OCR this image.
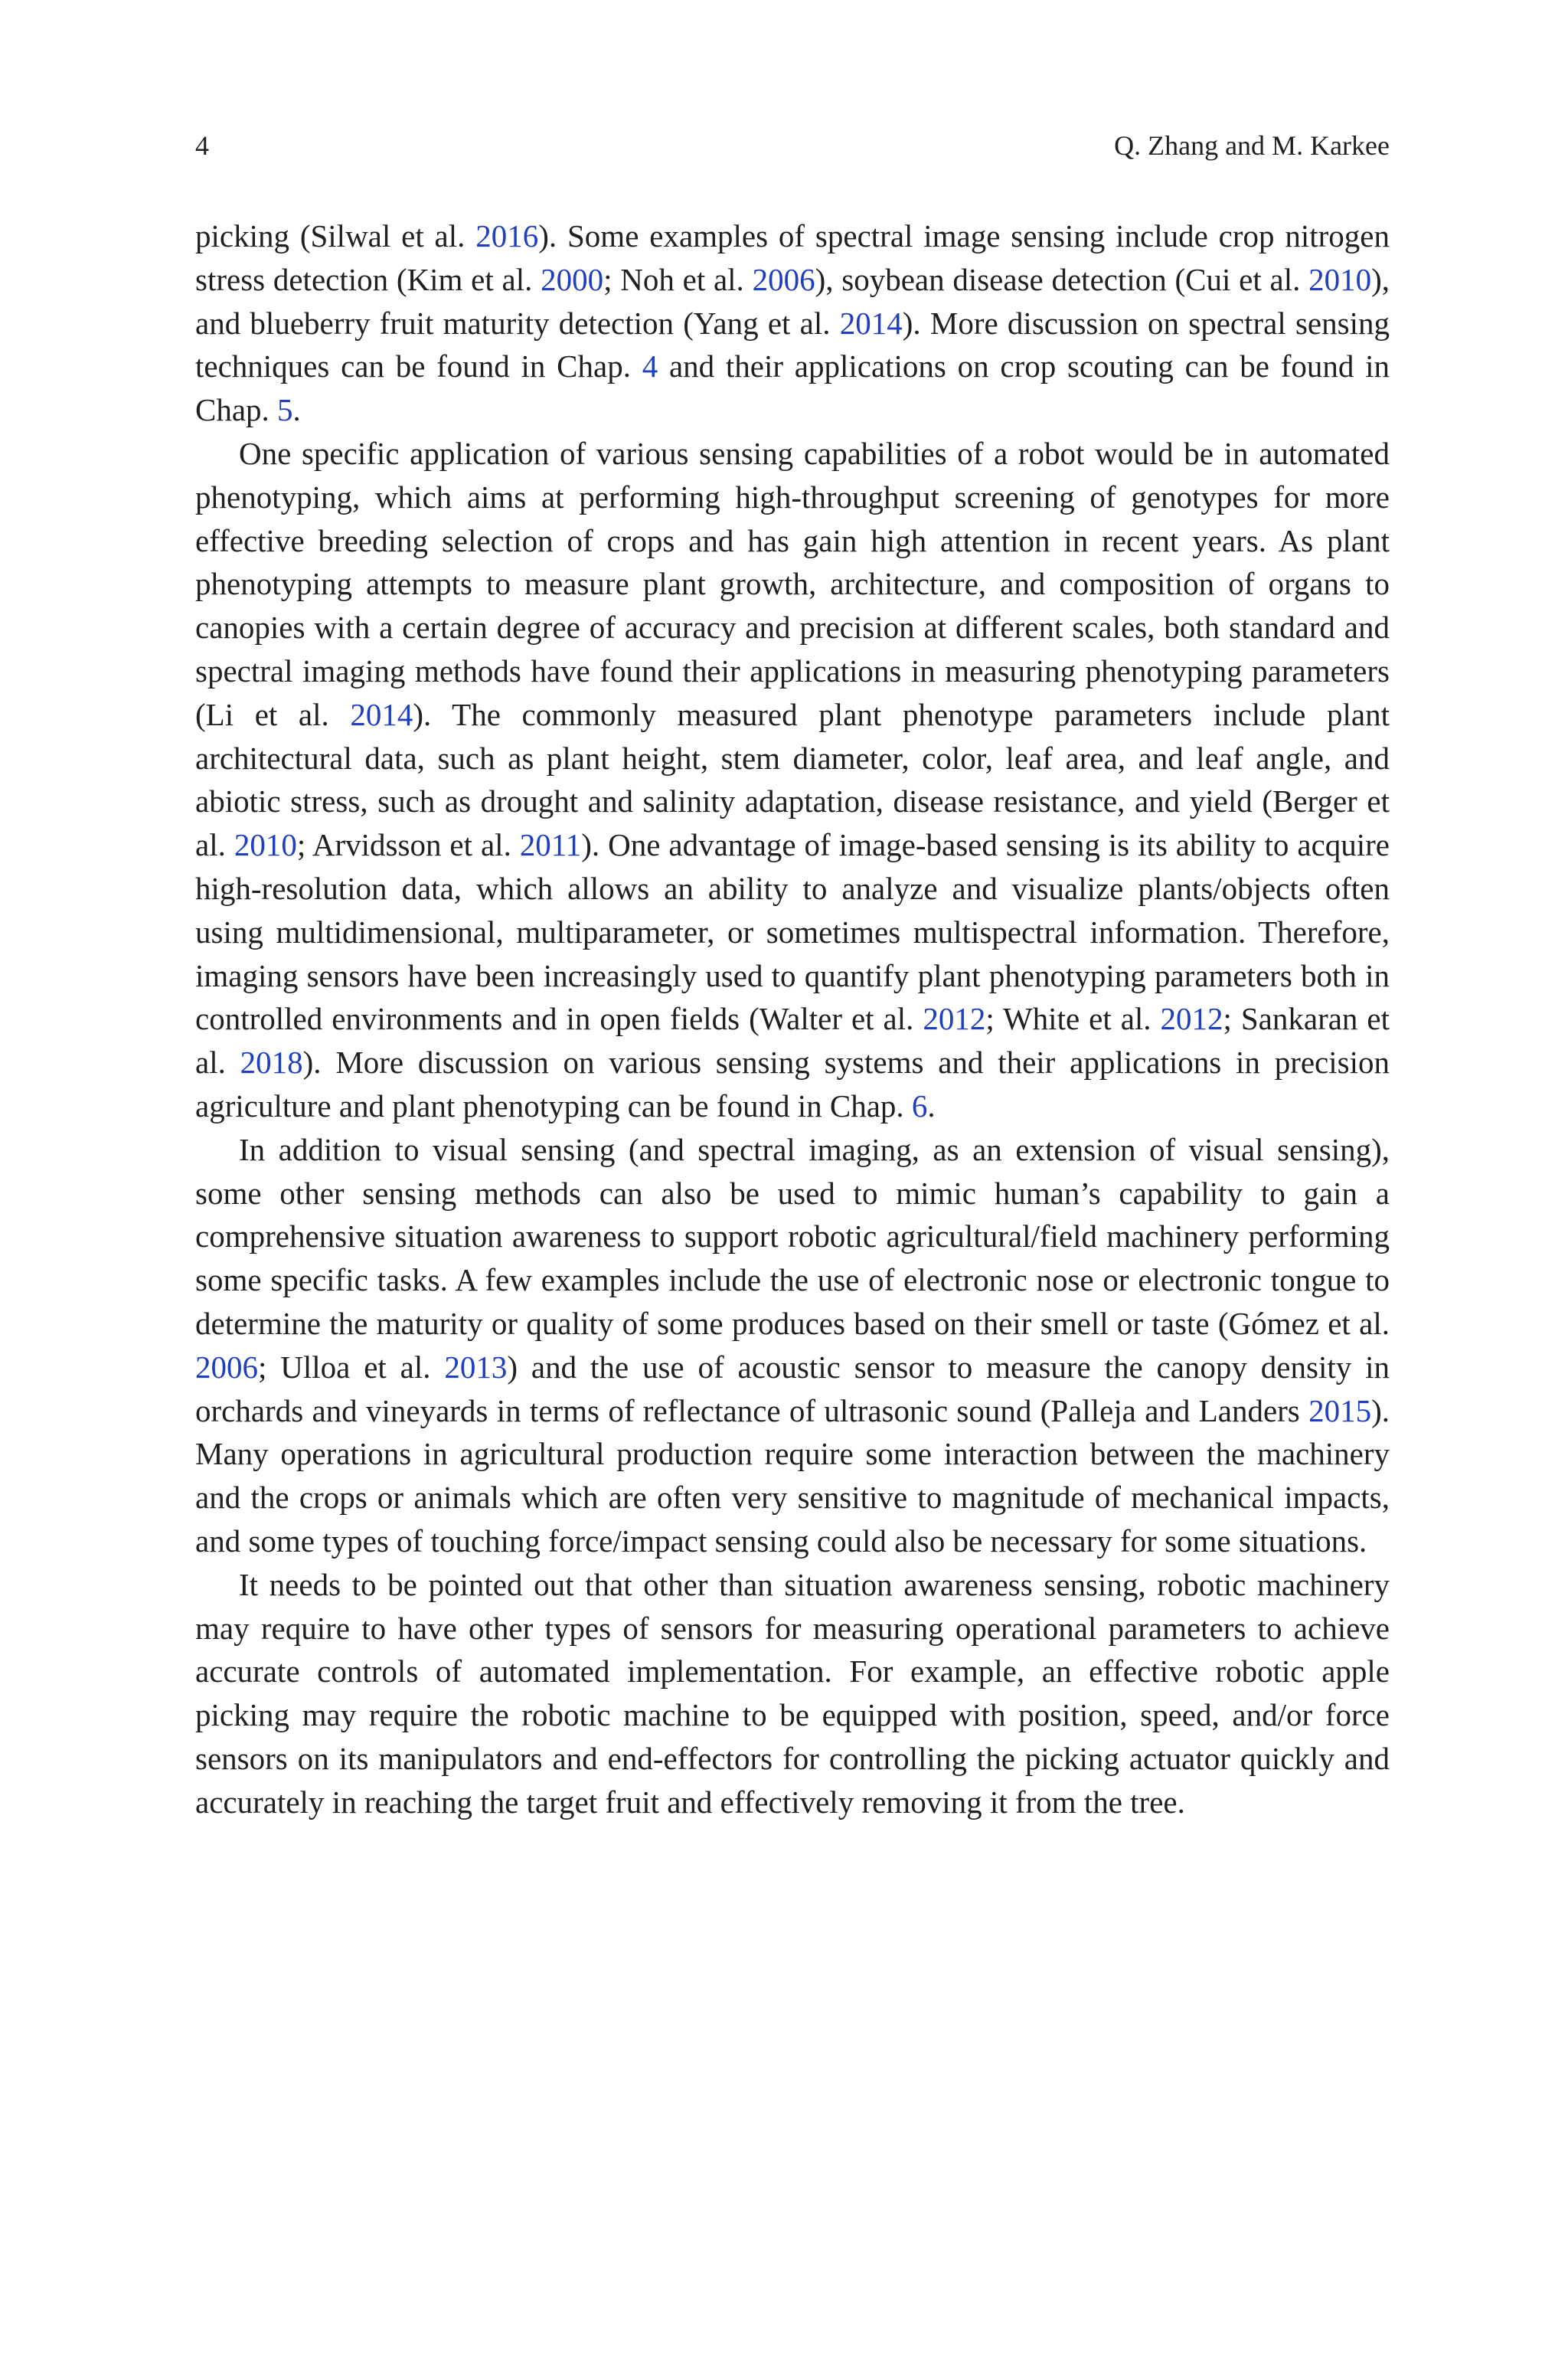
4	Q. Zhang and M. Karkee

picking (Silwal et al. 2016). Some examples of spectral image sensing include crop nitrogen stress detection (Kim et al. 2000; Noh et al. 2006), soybean disease detection (Cui et al. 2010), and blueberry fruit maturity detection (Yang et al. 2014). More discussion on spectral sensing techniques can be found in Chap. 4 and their applications on crop scouting can be found in Chap. 5.

One specific application of various sensing capabilities of a robot would be in automated phenotyping, which aims at performing high-throughput screening of genotypes for more effective breeding selection of crops and has gain high attention in recent years. As plant phenotyping attempts to measure plant growth, architecture, and composition of organs to canopies with a certain degree of accuracy and precision at different scales, both standard and spectral imaging methods have found their applications in measuring phenotyping parameters (Li et al. 2014). The commonly measured plant phenotype parameters include plant architectural data, such as plant height, stem diameter, color, leaf area, and leaf angle, and abiotic stress, such as drought and salinity adaptation, disease resistance, and yield (Berger et al. 2010; Arvidsson et al. 2011). One advantage of image-based sensing is its ability to acquire high-resolution data, which allows an ability to analyze and visualize plants/objects often using multidimensional, multiparameter, or sometimes multispectral information. Therefore, imaging sensors have been increasingly used to quantify plant phenotyping parameters both in controlled environments and in open fields (Walter et al. 2012; White et al. 2012; Sankaran et al. 2018). More discussion on various sensing systems and their applications in precision agriculture and plant phenotyping can be found in Chap. 6.

In addition to visual sensing (and spectral imaging, as an extension of visual sensing), some other sensing methods can also be used to mimic human’s capability to gain a comprehensive situation awareness to support robotic agricultural/field machinery performing some specific tasks. A few examples include the use of electronic nose or electronic tongue to determine the maturity or quality of some produces based on their smell or taste (Gómez et al. 2006; Ulloa et al. 2013) and the use of acoustic sensor to measure the canopy density in orchards and vineyards in terms of reflectance of ultrasonic sound (Palleja and Landers 2015). Many operations in agricultural production require some interaction between the machinery and the crops or animals which are often very sensitive to magnitude of mechanical impacts, and some types of touching force/impact sensing could also be necessary for some situations.

It needs to be pointed out that other than situation awareness sensing, robotic machinery may require to have other types of sensors for measuring operational parameters to achieve accurate controls of automated implementation. For example, an effective robotic apple picking may require the robotic machine to be equipped with position, speed, and/or force sensors on its manipulators and end-effectors for controlling the picking actuator quickly and accurately in reaching the target fruit and effectively removing it from the tree.
